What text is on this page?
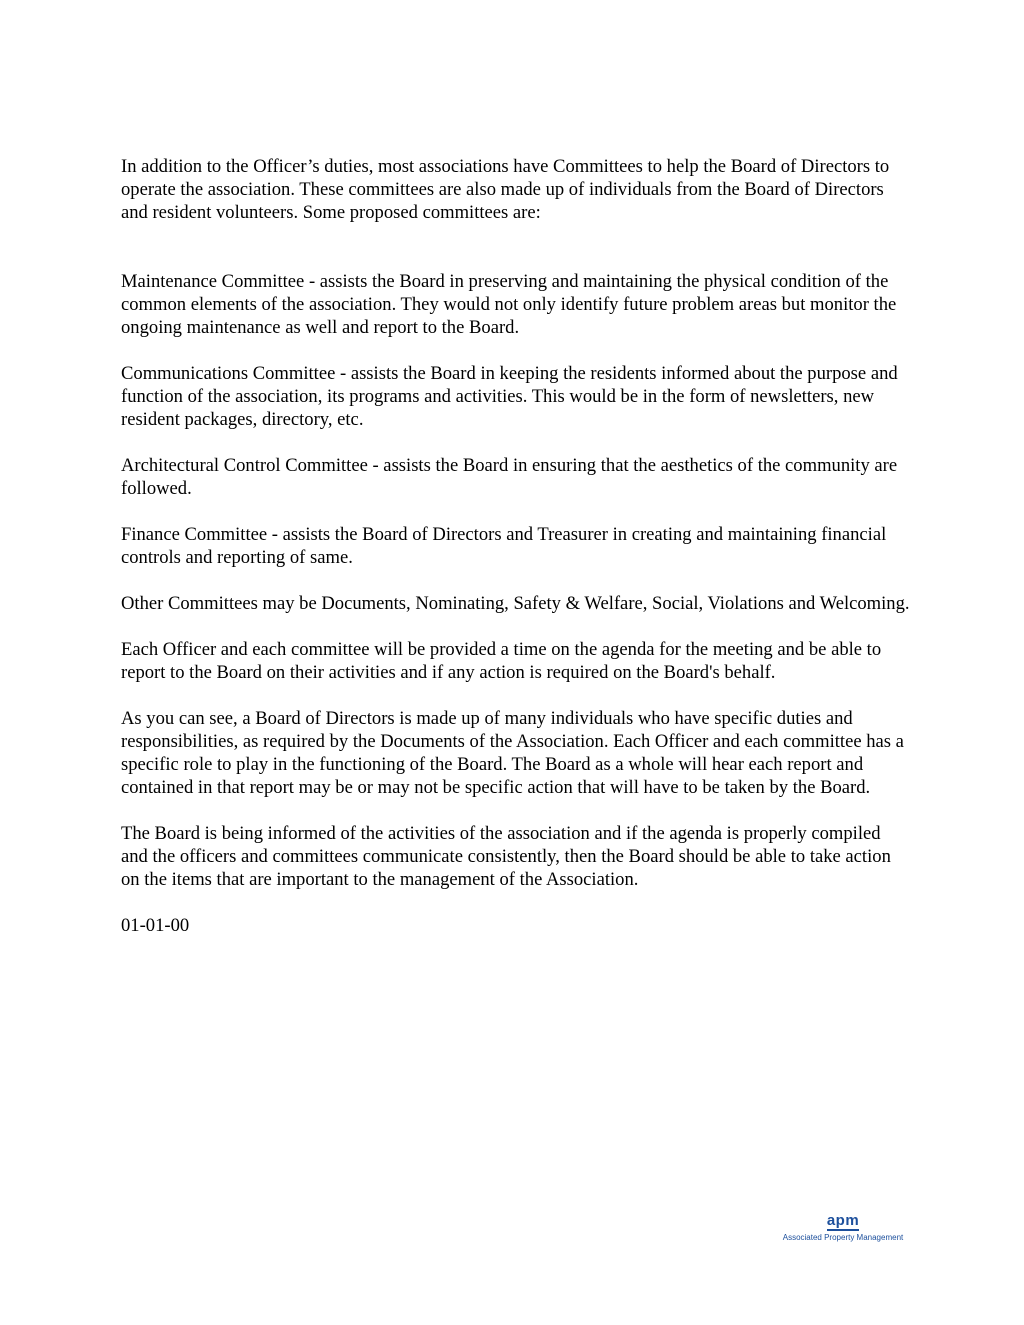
In addition to the Officer’s duties, most associations have Committees to help the Board of Directors to operate the association. These committees are also made up of individuals from the Board of Directors and resident volunteers. Some proposed committees are:

Maintenance Committee - assists the Board in preserving and maintaining the physical condition of the common elements of the association. They would not only identify future problem areas but monitor the ongoing maintenance as well and report to the Board.

Communications Committee - assists the Board in keeping the residents informed about the purpose and function of the association, its programs and activities. This would be in the form of newsletters, new resident packages, directory, etc.

Architectural Control Committee - assists the Board in ensuring that the aesthetics of the community are followed.

Finance Committee - assists the Board of Directors and Treasurer in creating and maintaining financial controls and reporting of same.

Other Committees may be Documents, Nominating, Safety & Welfare, Social, Violations and Welcoming.

Each Officer and each committee will be provided a time on the agenda for the meeting and be able to report to the Board on their activities and if any action is required on the Board's behalf.

As you can see, a Board of Directors is made up of many individuals who have specific duties and responsibilities, as required by the Documents of the Association. Each Officer and each committee has a specific role to play in the functioning of the Board. The Board as a whole will hear each report and contained in that report may be or may not be specific action that will have to be taken by the Board.

The Board is being informed of the activities of the association and if the agenda is properly compiled and the officers and committees communicate consistently, then the Board should be able to take action on the items that are important to the management of the Association.

01-01-00

apm
Associated Property Management
